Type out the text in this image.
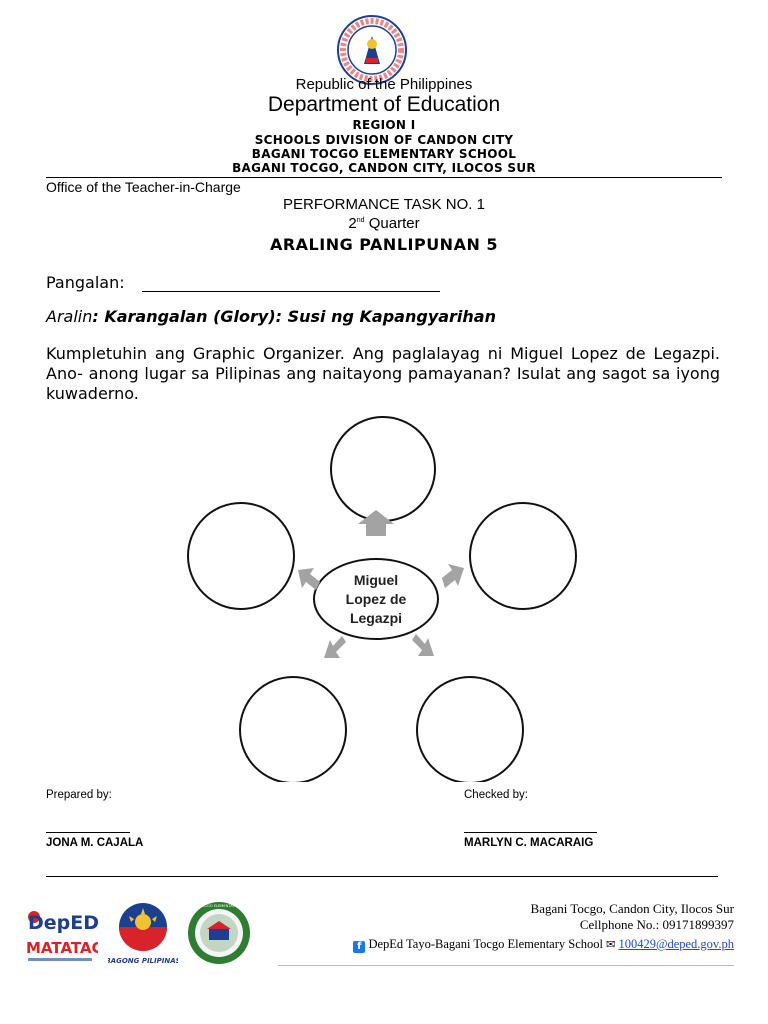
Republic of the Philippines
Department of Education
REGION I
SCHOOLS DIVISION OF CANDON CITY
BAGANI TOCGO ELEMENTARY SCHOOL
BAGANI TOCGO, CANDON CITY, ILOCOS SUR
Office of the Teacher-in-Charge
PERFORMANCE TASK NO. 1
2nd Quarter
ARALING PANLIPUNAN 5
Pangalan:
Aralin: Karangalan (Glory): Susi ng Kapangyarihan
Kumpletuhin ang Graphic Organizer. Ang paglalayag ni Miguel Lopez de Legazpi. Ano- anong lugar sa Pilipinas ang naitayong pamayanan? Isulat ang sagot sa iyong kuwaderno.
Miguel
Lopez de
Legazpi
Prepared by:
JONA M. CAJALA
Checked by:
MARLYN C. MACARAIG
DepED
MATATAG
BAGONG PILIPINAS
BAGANI TOCGO ELEMENTARY SCHOOL	Bagani Tocgo, Candon City, Ilocos Sur
Cellphone No.: 09171899397
f DepEd Tayo-Bagani Tocgo Elementary School ✉ 100429@deped.gov.ph
